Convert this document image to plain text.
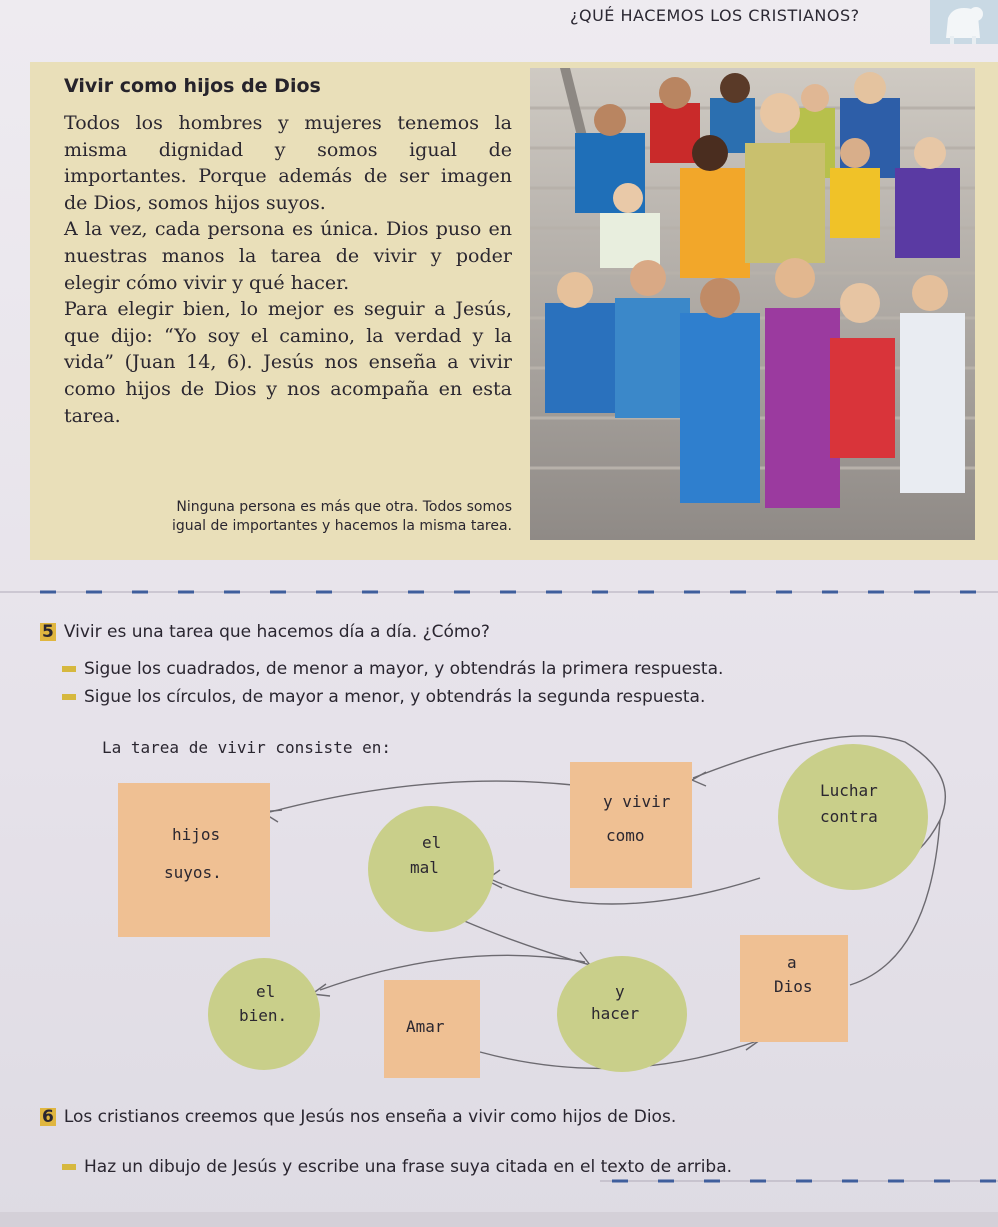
¿QUÉ HACEMOS LOS CRISTIANOS?
Vivir como hijos de Dios

Todos los hombres y mujeres tenemos la misma dignidad y somos igual de importantes. Porque además de ser imagen de Dios, somos hijos suyos.

A la vez, cada persona es única. Dios puso en nuestras manos la tarea de vivir y poder elegir cómo vivir y qué hacer.

Para elegir bien, lo mejor es seguir a Jesús, que dijo: “Yo soy el camino, la verdad y la vida” (Juan 14, 6). Jesús nos enseña a vivir como hijos de Dios y nos acompaña en esta tarea.

Ninguna persona es más que otra. Todos somos
igual de importantes y hacemos la misma tarea.
5 Vivir es una tarea que hacemos día a día. ¿Cómo?
Sigue los cuadrados, de menor a mayor, y obtendrás la primera respuesta.
Sigue los círculos, de mayor a menor, y obtendrás la segunda respuesta.
La tarea de vivir consiste en:
hijos
suyos.
y vivir
como
a
Dios
Amar
el
mal
Luchar
contra
y
hacer
el
bien.
6 Los cristianos creemos que Jesús nos enseña a vivir como hijos de Dios.
Haz un dibujo de Jesús y escribe una frase suya citada en el texto de arriba.
